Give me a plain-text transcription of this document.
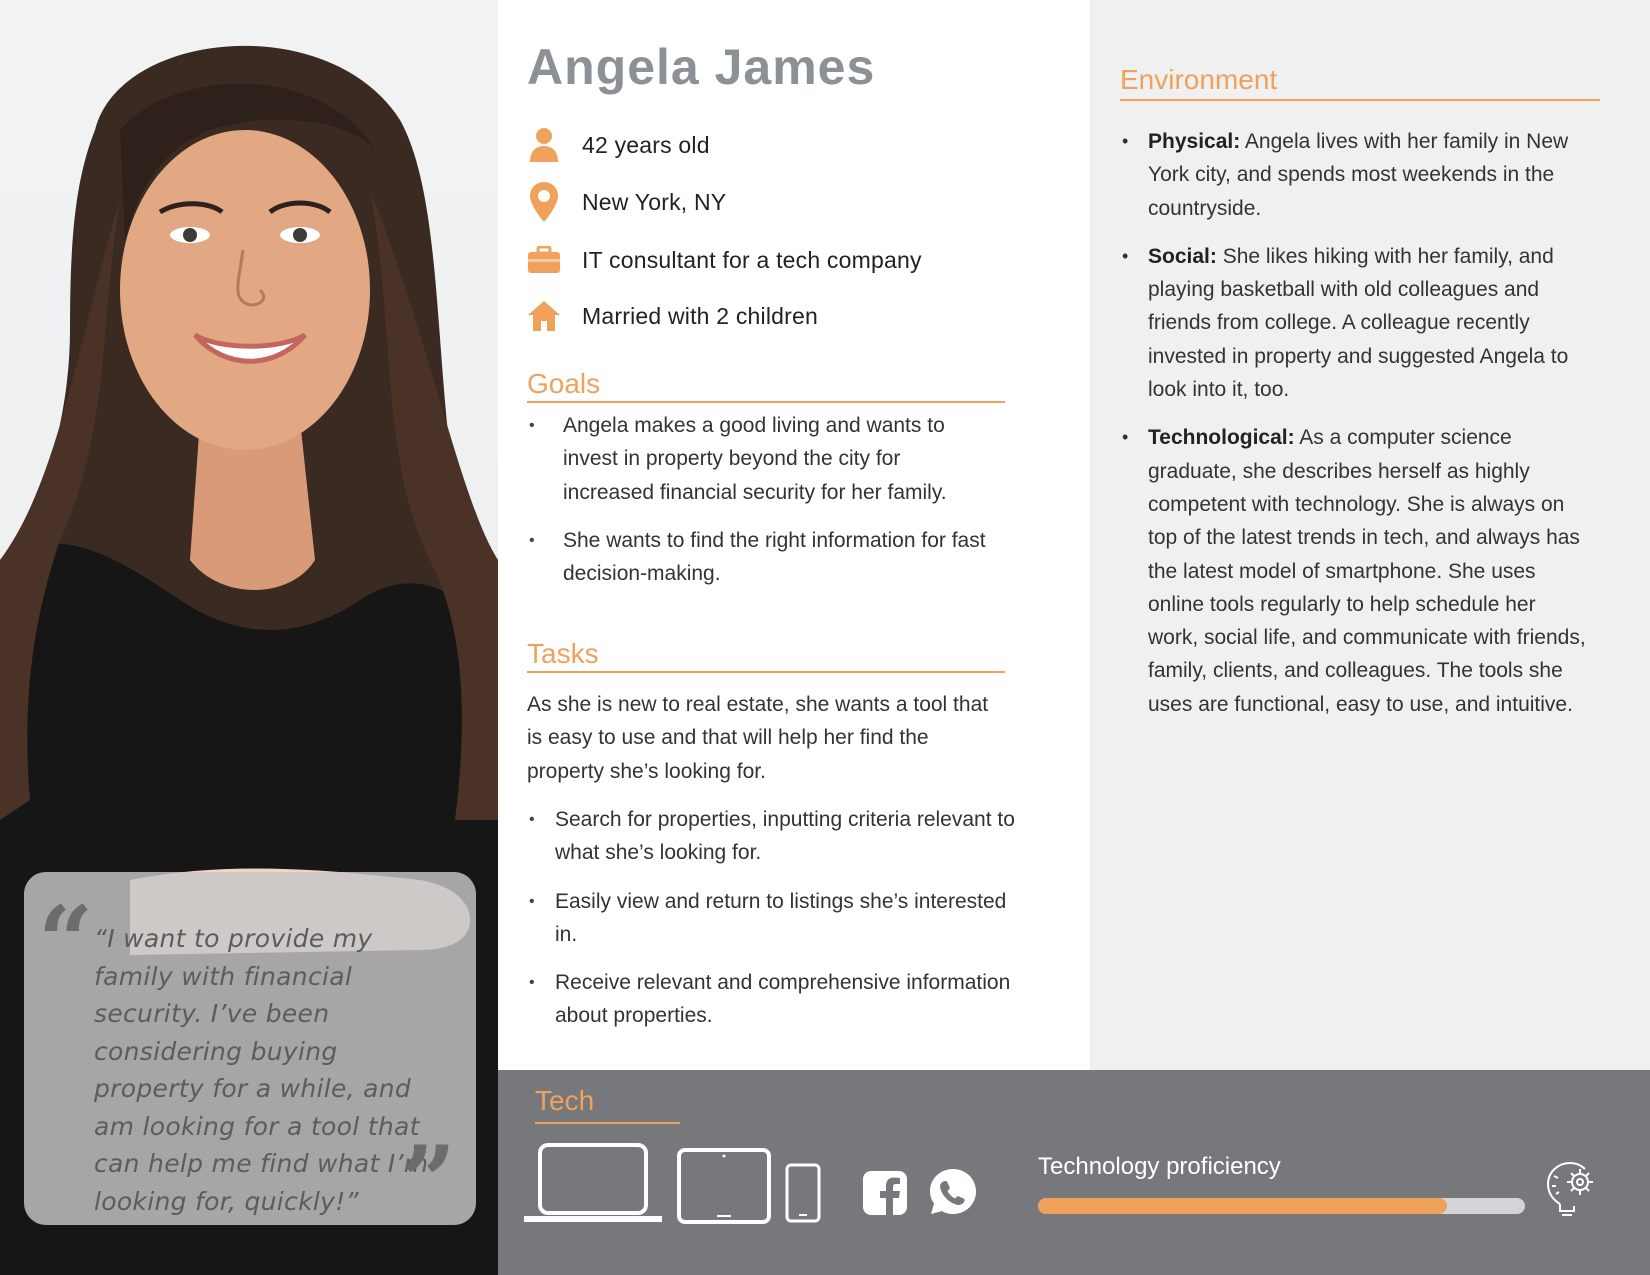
“ “I want to provide my family with financial security. I’ve been considering buying property for a while, and am looking for a tool that can help me find what I’m looking for, quickly!” ”
Angela James
42 years old
New York, NY
IT consultant for a tech company
Married with 2 children
Goals
• Angela makes a good living and wants to invest in property beyond the city for increased financial security for her family.
• She wants to find the right information for fast decision-making.
Tasks
As she is new to real estate, she wants a tool that is easy to use and that will help her find the property she’s looking for.
• Search for properties, inputting criteria relevant to what she’s looking for.
• Easily view and return to listings she’s interested in.
• Receive relevant and comprehensive information about properties.
Environment
• Physical: Angela lives with her family in New York city, and spends most weekends in the countryside.
• Social: She likes hiking with her family, and playing basketball with old colleagues and friends from college. A colleague recently invested in property and suggested Angela to look into it, too.
• Technological: As a computer science graduate, she describes herself as highly competent with technology. She is always on top of the latest trends in tech, and always has the latest model of smartphone. She uses online tools regularly to help schedule her work, social life, and communicate with friends, family, clients, and colleagues. The tools she uses are functional, easy to use, and intuitive.
Tech
Technology proficiency
